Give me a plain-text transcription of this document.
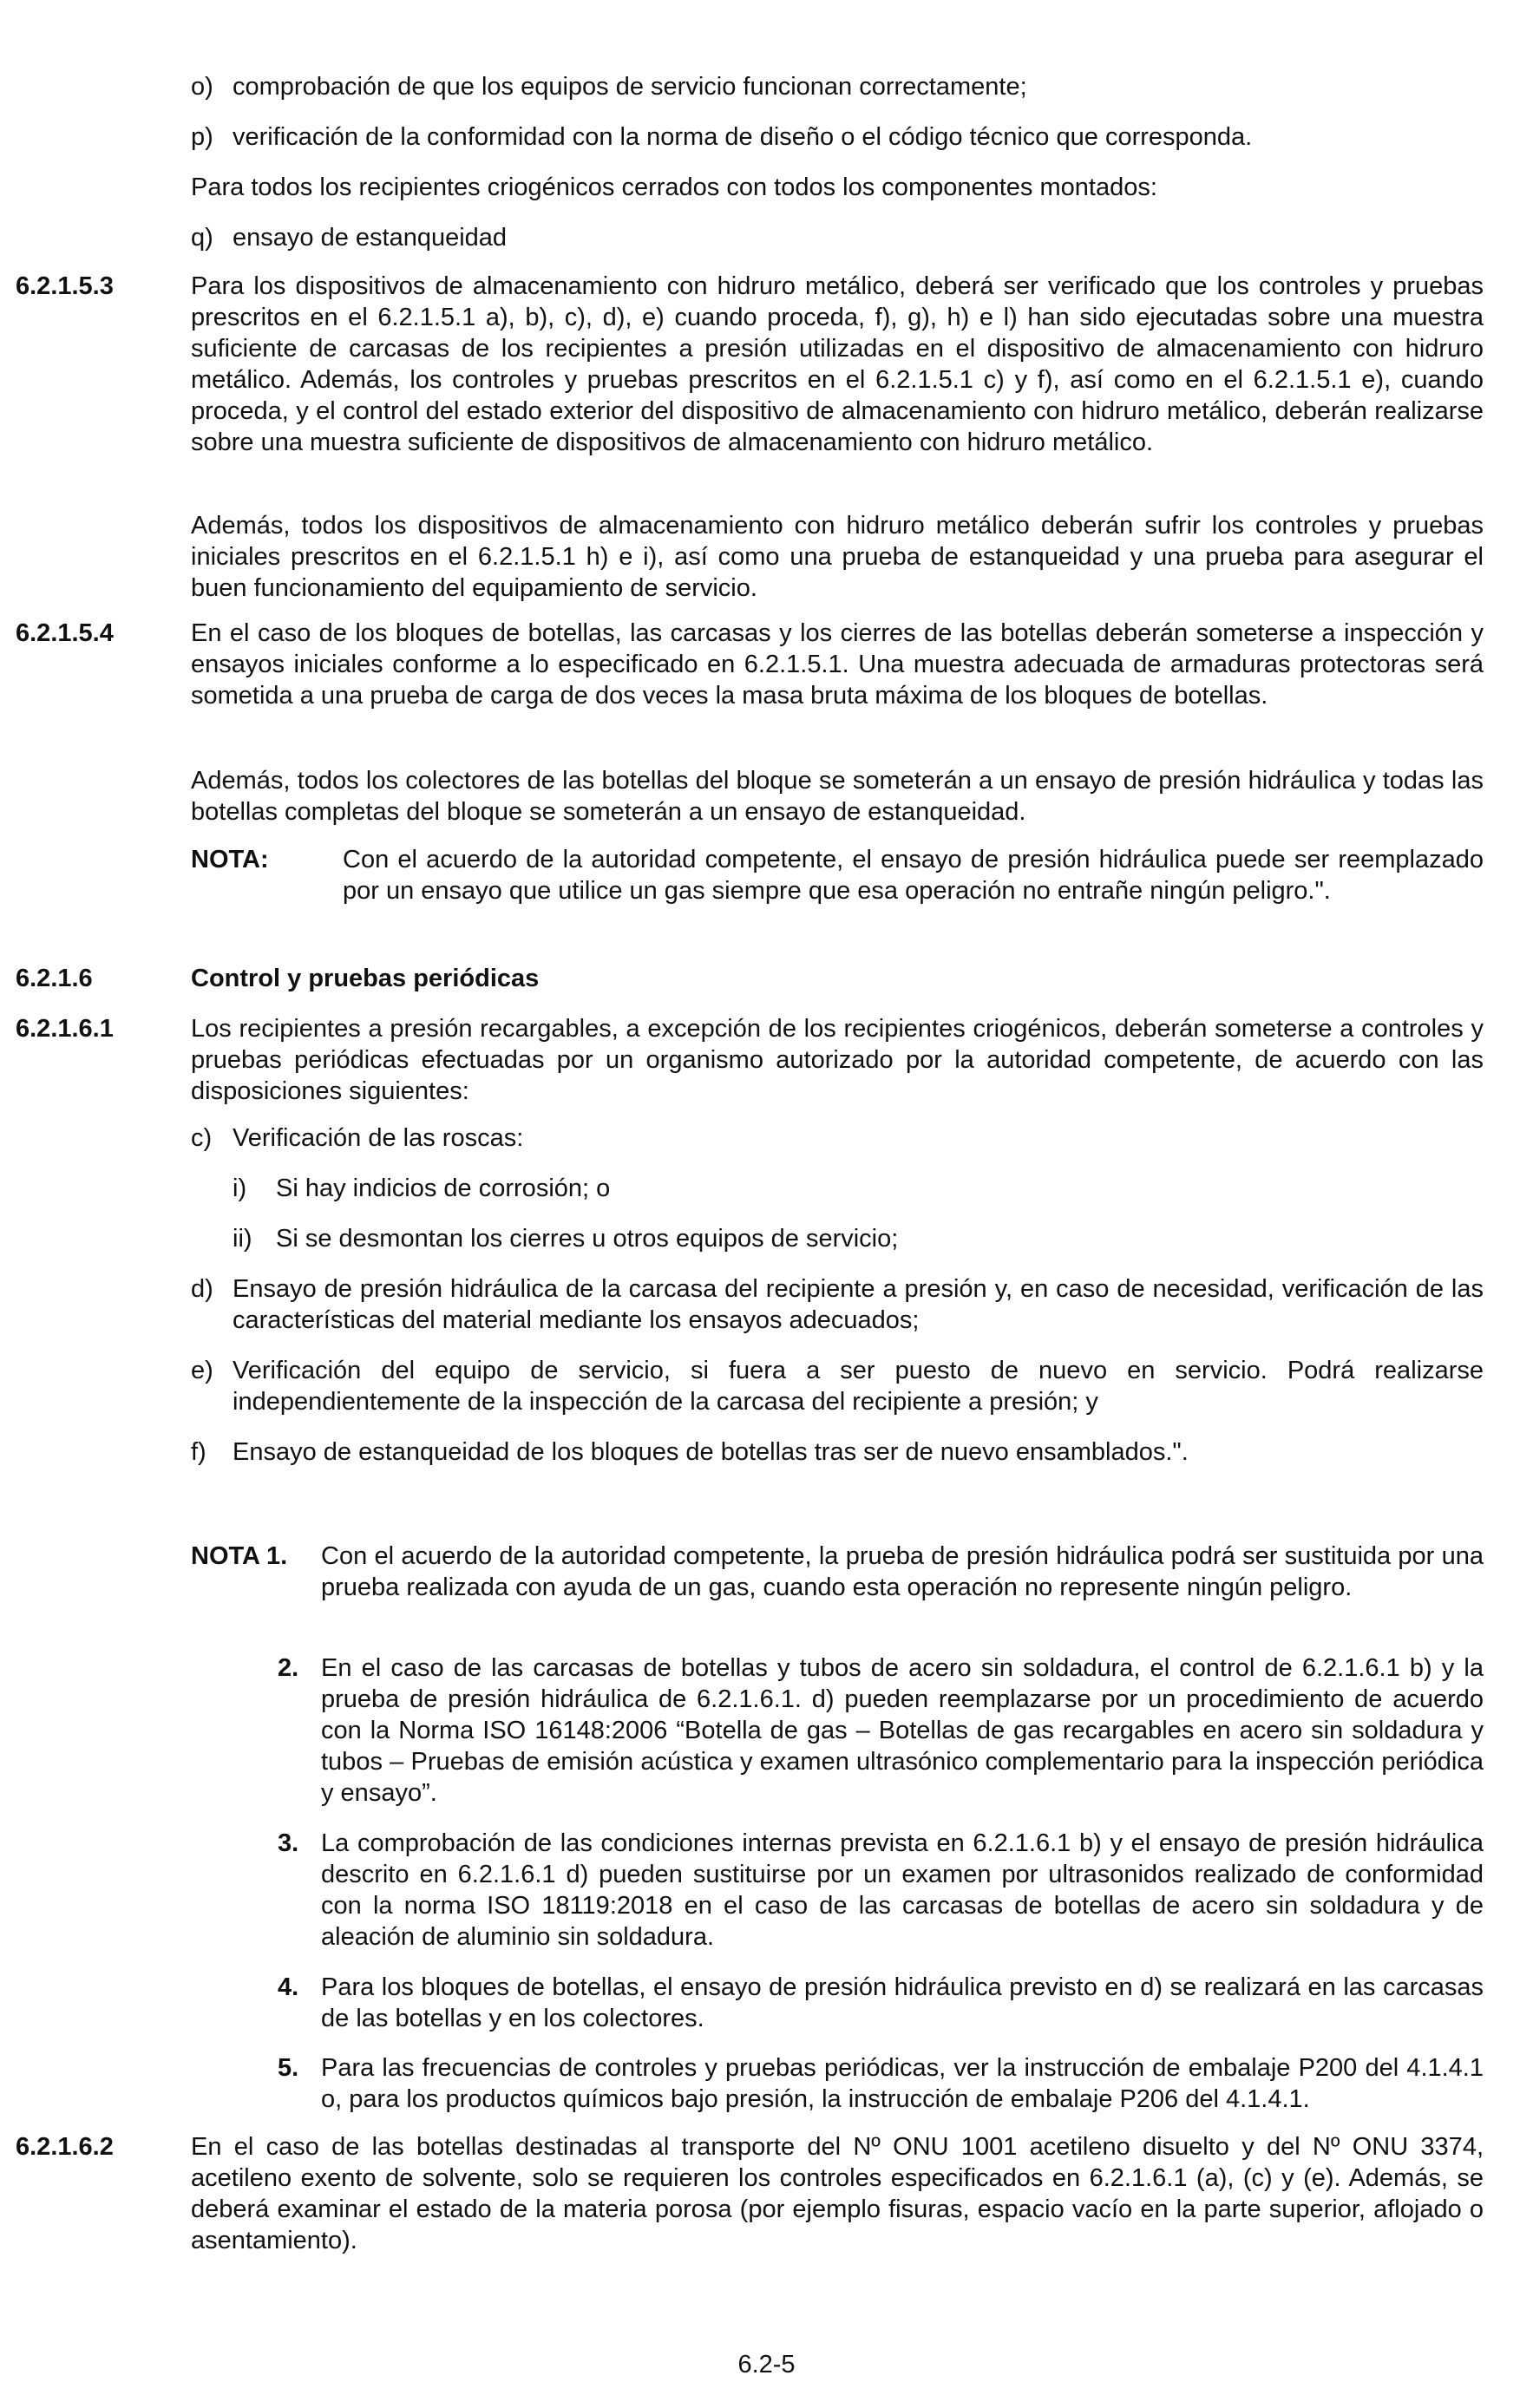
o) comprobación de que los equipos de servicio funcionan correctamente;
p) verificación de la conformidad con la norma de diseño o el código técnico que corresponda.

Para todos los recipientes criogénicos cerrados con todos los componentes montados:

q) ensayo de estanqueidad
6.2.1.5.3	Para los dispositivos de almacenamiento con hidruro metálico, deberá ser verificado que los controles y pruebas prescritos en el 6.2.1.5.1 a), b), c), d), e) cuando proceda, f), g), h) e l) han sido ejecutadas sobre una muestra suficiente de carcasas de los recipientes a presión utilizadas en el dispositivo de almacenamiento con hidruro metálico. Además, los controles y pruebas prescritos en el 6.2.1.5.1 c) y f), así como en el 6.2.1.5.1 e), cuando proceda, y el control del estado exterior del dispositivo de almacenamiento con hidruro metálico, deberán realizarse sobre una muestra suficiente de dispositivos de almacenamiento con hidruro metálico.

Además, todos los dispositivos de almacenamiento con hidruro metálico deberán sufrir los controles y pruebas iniciales prescritos en el 6.2.1.5.1 h) e i), así como una prueba de estanqueidad y una prueba para asegurar el buen funcionamiento del equipamiento de servicio.

6.2.1.5.4	En el caso de los bloques de botellas, las carcasas y los cierres de las botellas deberán someterse a inspección y ensayos iniciales conforme a lo especificado en 6.2.1.5.1. Una muestra adecuada de armaduras protectoras será sometida a una prueba de carga de dos veces la masa bruta máxima de los bloques de botellas.

Además, todos los colectores de las botellas del bloque se someterán a un ensayo de presión hidráulica y todas las botellas completas del bloque se someterán a un ensayo de estanqueidad.

NOTA:	Con el acuerdo de la autoridad competente, el ensayo de presión hidráulica puede ser reemplazado por un ensayo que utilice un gas siempre que esa operación no entrañe ningún peligro.".
6.2.1.6	Control y pruebas periódicas
6.2.1.6.1	Los recipientes a presión recargables, a excepción de los recipientes criogénicos, deberán someterse a controles y pruebas periódicas efectuadas por un organismo autorizado por la autoridad competente, de acuerdo con las disposiciones siguientes:

c) Verificación de las roscas:
i) Si hay indicios de corrosión; o
ii) Si se desmontan los cierres u otros equipos de servicio;
d) Ensayo de presión hidráulica de la carcasa del recipiente a presión y, en caso de necesidad, verificación de las características del material mediante los ensayos adecuados;
e) Verificación del equipo de servicio, si fuera a ser puesto de nuevo en servicio. Podrá realizarse independientemente de la inspección de la carcasa del recipiente a presión; y
f) Ensayo de estanqueidad de los bloques de botellas tras ser de nuevo ensamblados.".
NOTA 1. Con el acuerdo de la autoridad competente, la prueba de presión hidráulica podrá ser sustituida por una prueba realizada con ayuda de un gas, cuando esta operación no represente ningún peligro.
2. En el caso de las carcasas de botellas y tubos de acero sin soldadura, el control de 6.2.1.6.1 b) y la prueba de presión hidráulica de 6.2.1.6.1. d) pueden reemplazarse por un procedimiento de acuerdo con la Norma ISO 16148:2006 “Botella de gas – Botellas de gas recargables en acero sin soldadura y tubos – Pruebas de emisión acústica y examen ultrasónico complementario para la inspección periódica y ensayo”.
3. La comprobación de las condiciones internas prevista en 6.2.1.6.1 b) y el ensayo de presión hidráulica descrito en 6.2.1.6.1 d) pueden sustituirse por un examen por ultrasonidos realizado de conformidad con la norma ISO 18119:2018 en el caso de las carcasas de botellas de acero sin soldadura y de aleación de aluminio sin soldadura.
4. Para los bloques de botellas, el ensayo de presión hidráulica previsto en d) se realizará en las carcasas de las botellas y en los colectores.
5. Para las frecuencias de controles y pruebas periódicas, ver la instrucción de embalaje P200 del 4.1.4.1 o, para los productos químicos bajo presión, la instrucción de embalaje P206 del 4.1.4.1.
6.2.1.6.2	En el caso de las botellas destinadas al transporte del Nº ONU 1001 acetileno disuelto y del Nº ONU 3374, acetileno exento de solvente, solo se requieren los controles especificados en 6.2.1.6.1 (a), (c) y (e). Además, se deberá examinar el estado de la materia porosa (por ejemplo fisuras, espacio vacío en la parte superior, aflojado o asentamiento).

6.2-5
